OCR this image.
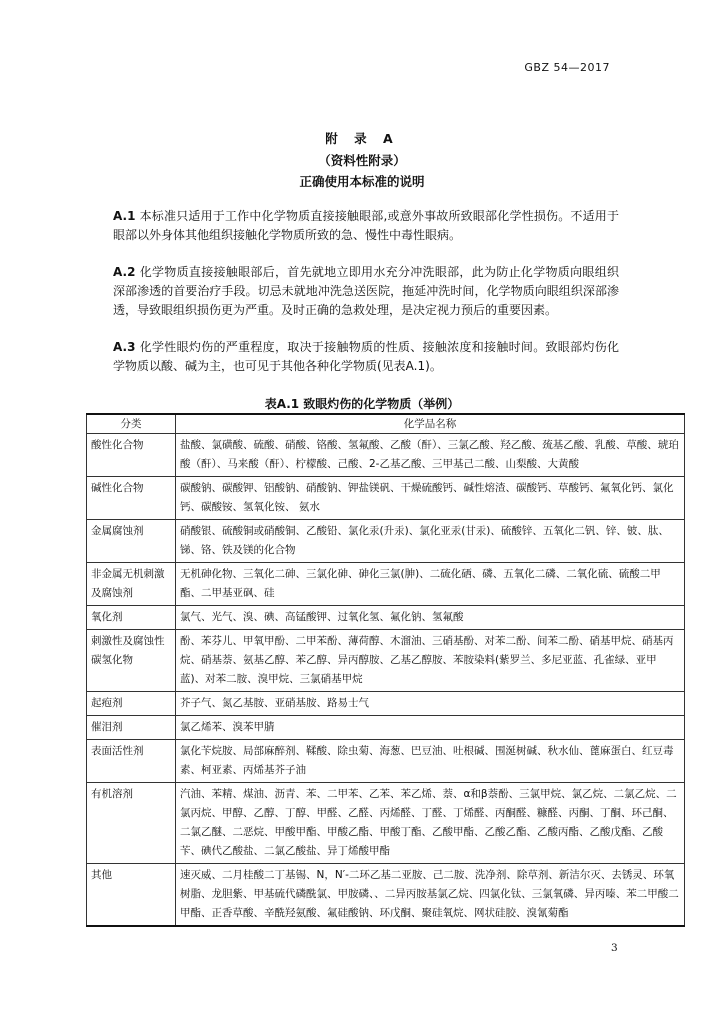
GBZ 54—2017
附 录 A
（资料性附录）
正确使用本标准的说明
A.1 本标准只适用于工作中化学物质直接接触眼部,或意外事故所致眼部化学性损伤。不适用于眼部以外身体其他组织接触化学物质所致的急、慢性中毒性眼病。
A.2 化学物质直接接触眼部后，首先就地立即用水充分冲洗眼部，此为防止化学物质向眼组织深部渗透的首要治疗手段。切忌未就地冲洗急送医院，拖延冲洗时间，化学物质向眼组织深部渗透，导致眼组织损伤更为严重。及时正确的急救处理，是决定视力预后的重要因素。
A.3 化学性眼灼伤的严重程度，取决于接触物质的性质、接触浓度和接触时间。致眼部灼伤化学物质以酸、碱为主，也可见于其他各种化学物质(见表A.1)。
表A.1 致眼灼伤的化学物质（举例）
分类	化学品名称
酸性化合物	盐酸、氯磺酸、硫酸、硝酸、铬酸、氢氟酸、乙酸（酐）、三氯乙酸、羟乙酸、巯基乙酸、乳酸、草酸、琥珀酸（酐）、马来酸（酐）、柠檬酸、己酸、2-乙基乙酸、三甲基己二酸、山梨酸、大黄酸
碱性化合物	碳酸钠、碳酸钾、铝酸钠、硝酸钠、钾盐镁矾、干燥硫酸钙、碱性熔渣、碳酸钙、草酸钙、氟氧化钙、氯化钙、碳酸铵、氢氧化铵、 氨水
金属腐蚀剂	硝酸银、硫酸铜或硝酸铜、乙酸铅、氯化汞(升汞)、氯化亚汞(甘汞)、硫酸锌、五氧化二钒、锌、铍、肽、锑、铬、铁及镁的化合物
非金属无机刺激及腐蚀剂	无机砷化物、三氧化二砷、三氯化砷、砷化三氯(胂)、二硫化硒、磷、五氧化二磷、二氧化硫、硫酸二甲酯、二甲基亚砜、硅
氧化剂	氯气、光气、溴、碘、高锰酸钾、过氧化氢、氟化钠、氢氟酸
刺激性及腐蚀性碳氢化物	酚、苯芬儿、甲氧甲酚、二甲苯酚、薄荷醇、木溜油、三硝基酚、对苯二酚、间苯二酚、硝基甲烷、硝基丙烷、硝基萘、氨基乙醇、苯乙醇、异丙醇胺、乙基乙醇胺、苯胺染料(紫罗兰、多尼亚蓝、孔雀绿、亚甲蓝)、对苯二胺、溴甲烷、三氯硝基甲烷
起疱剂	芥子气、氮乙基胺、亚硝基胺、路易士气
催泪剂	氯乙烯苯、溴苯甲腈
表面活性剂	氯化苄烷胺、局部麻醉剂、鞣酸、除虫菊、海葱、巴豆油、吐根碱、围涎树碱、秋水仙、蓖麻蛋白、红豆毒素、柯亚素、丙烯基芥子油
有机溶剂	汽油、苯精、煤油、沥青、苯、二甲苯、乙苯、苯乙烯、萘、α和β萘酚、三氯甲烷、氯乙烷、二氯乙烷、二氯丙烷、甲醇、乙醇、丁醇、甲醛、乙醛、丙烯醛、丁醛、丁烯醛、丙酮醛、糠醛、丙酮、丁酮、环己酮、二氯乙醚、二恶烷、甲酸甲酯、甲酸乙酯、甲酸丁酯、乙酸甲酯、乙酸乙酯、乙酸丙酯、乙酸戊酯、乙酸苄、碘代乙酸盐、二氯乙酸盐、异丁烯酸甲酯
其他	速灭威、二月桂酸二丁基锡、N，N′-二环乙基二亚胺、己二胺、洗净剂、除草剂、新洁尔灭、去锈灵、环氧树脂、龙胆紫、甲基硫代磷酰氯、甲胺磷、、二异丙胺基氯乙烷、四氯化钛、三氯氧磷、异丙嗪、苯二甲酸二甲酯、正香草酸、辛酰羟氨酸、氟硅酸钠、环戊酮、聚硅氧烷、网状硅胶、溴氰菊酯
3
